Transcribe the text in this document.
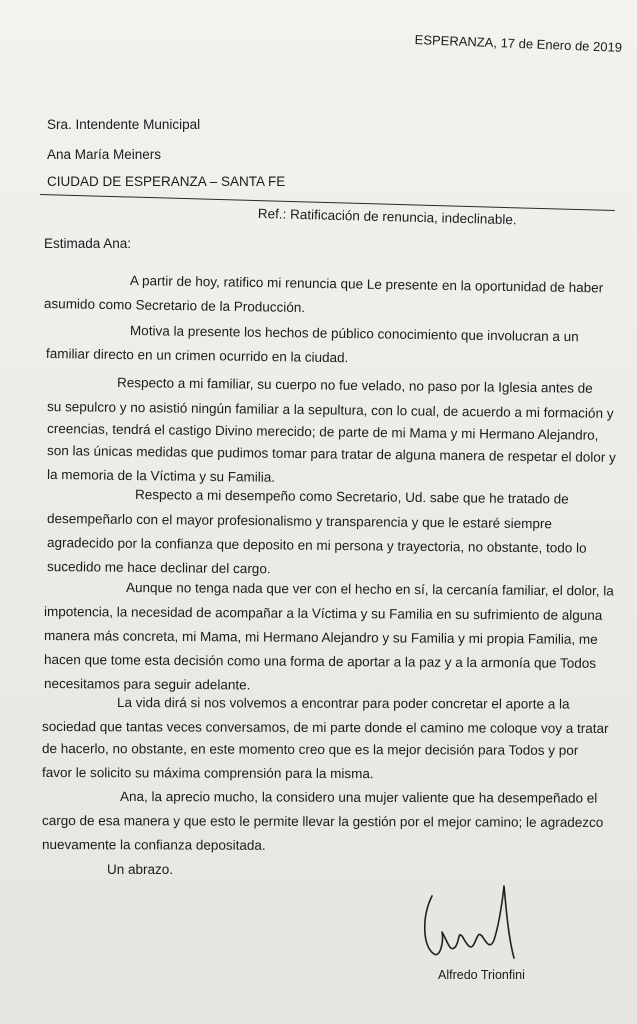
ESPERANZA, 17 de Enero de 2019
Sra. Intendente Municipal
Ana María Meiners
CIUDAD DE ESPERANZA – SANTA FE
Ref.: Ratificación de renuncia, indeclinable.
Estimada Ana:
A partir de hoy, ratifico mi renuncia que Le presente en la oportunidad de haber
asumido como Secretario de la Producción.
Motiva la presente los hechos de público conocimiento que involucran a un
familiar directo en un crimen ocurrido en la ciudad.
Respecto a mi familiar, su cuerpo no fue velado, no paso por la Iglesia antes de
su sepulcro y no asistió ningún familiar a la sepultura, con lo cual, de acuerdo a mi formación y
creencias, tendrá el castigo Divino merecido; de parte de mi Mama y mi Hermano Alejandro,
son las únicas medidas que pudimos tomar para tratar de alguna manera de respetar el dolor y
la memoria de la Víctima y su Familia.
Respecto a mi desempeño como Secretario, Ud. sabe que he tratado de
desempeñarlo con el mayor profesionalismo y transparencia y que le estaré siempre
agradecido por la confianza que deposito en mi persona y trayectoria, no obstante, todo lo
sucedido me hace declinar del cargo.
Aunque no tenga nada que ver con el hecho en sí, la cercanía familiar, el dolor, la
impotencia, la necesidad de acompañar a la Víctima y su Familia en su sufrimiento de alguna
manera más concreta, mi Mama, mi Hermano Alejandro y su Familia y mi propia Familia, me
hacen que tome esta decisión como una forma de aportar a la paz y a la armonía que Todos
necesitamos para seguir adelante.
La vida dirá si nos volvemos a encontrar para poder concretar el aporte a la
sociedad que tantas veces conversamos, de mi parte donde el camino me coloque voy a tratar
de hacerlo, no obstante, en este momento creo que es la mejor decisión para Todos y por
favor le solicito su máxima comprensión para la misma.
Ana, la aprecio mucho, la considero una mujer valiente que ha desempeñado el
cargo de esa manera y que esto le permite llevar la gestión por el mejor camino; le agradezco
nuevamente la confianza depositada.
Un abrazo.
Alfredo Trionfini
